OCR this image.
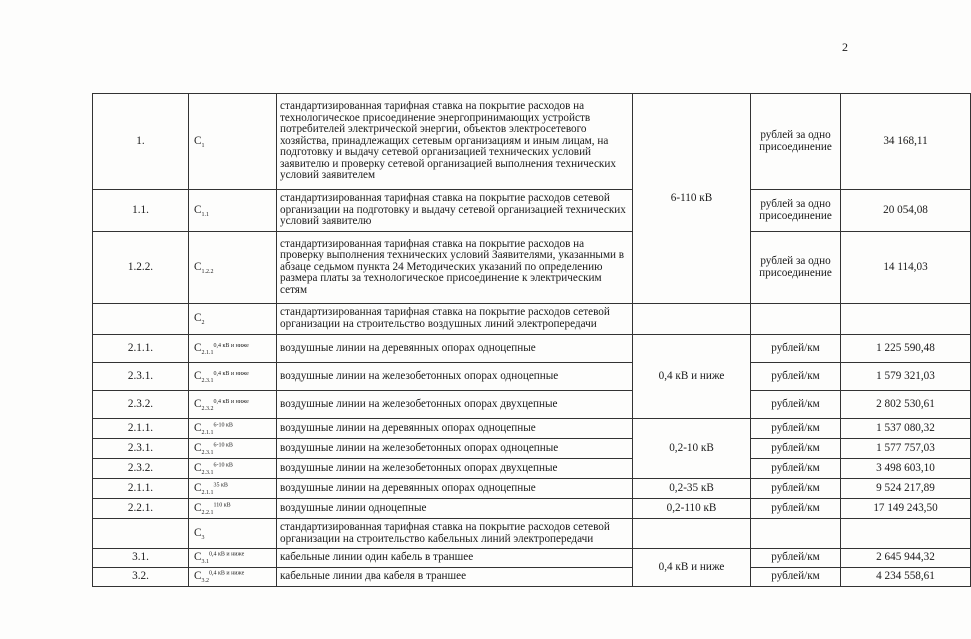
2
1.	$C_1$	стандартизированная тарифная ставка на покрытие расходов на технологическое присоединение энергопринимающих устройств потребителей электрической энергии, объектов электросетевого хозяйства, принадлежащих сетевым организациям и иным лицам, на подготовку и выдачу сетевой организацией технических условий заявителю и проверку сетевой организацией выполнения технических условий заявителем	6-110 кВ	рублей за одно присоединение	34 168,11
1.1.	$C_{1.1}$	стандартизированная тарифная ставка на покрытие расходов сетевой организации на подготовку и выдачу сетевой организацией технических условий заявителю		рублей за одно присоединение	20 054,08
1.2.2.	$C_{1.2.2}$	стандартизированная тарифная ставка на покрытие расходов на проверку выполнения технических условий Заявителями, указанными в абзаце седьмом пункта 24 Методических указаний по определению размера платы за технологическое присоединение к электрическим сетям		рублей за одно присоединение	14 114,03
	$C_2$	стандартизированная тарифная ставка на покрытие расходов сетевой организации на строительство воздушных линий электропередачи			
2.1.1.	$C_{2.1.1}0,4$ кВ и ниже	воздушные линии на деревянных опорах одноцепные	0,4 кВ и ниже	рублей/км	1 225 590,48
2.3.1.	$C_{2.3.1}0,4$ кВ и ниже	воздушные линии на железобетонных опорах одноцепные		рублей/км	1 579 321,03
2.3.2.	$C_{2.3.2}0,4$ кВ и ниже	воздушные линии на железобетонных опорах двухцепные		рублей/км	2 802 530,61
2.1.1.	$C_{2.1.1}^{6-10 кВ}$	воздушные линии на деревянных опорах одноцепные	0,2-10 кВ	рублей/км	1 537 080,32
2.3.1.	$C_{2.3.1}^{6-10 кВ}$	воздушные линии на железобетонных опорах одноцепные		рублей/км	1 577 757,03
2.3.2.	$C_{2.3.1}^{6-10 кВ}$	воздушные линии на железобетонных опорах двухцепные		рублей/км	3 498 603,10
2.1.1.	$C_{2.1.1}^{35 кВ}$	воздушные линии на деревянных опорах одноцепные	0,2-35 кВ	рублей/км	9 524 217,89
2.2.1.	$C_{2.2.1}^{110 кВ}$	воздушные линии одноцепные	0,2-110 кВ	рублей/км	17 149 243,50
	$C_3$	стандартизированная тарифная ставка на покрытие расходов сетевой организации на строительство кабельных линий электропередачи			
3.1.	$C_{3.1}^{0,4 кВ и ниже}$	кабельные линии один кабель в траншее	0,4 кВ и ниже	рублей/км	2 645 944,32
3.2.	$C_{3.2}^{0,4 кВ и ниже}$	кабельные линии два кабеля в траншее		рублей/км	4 234 558,61
